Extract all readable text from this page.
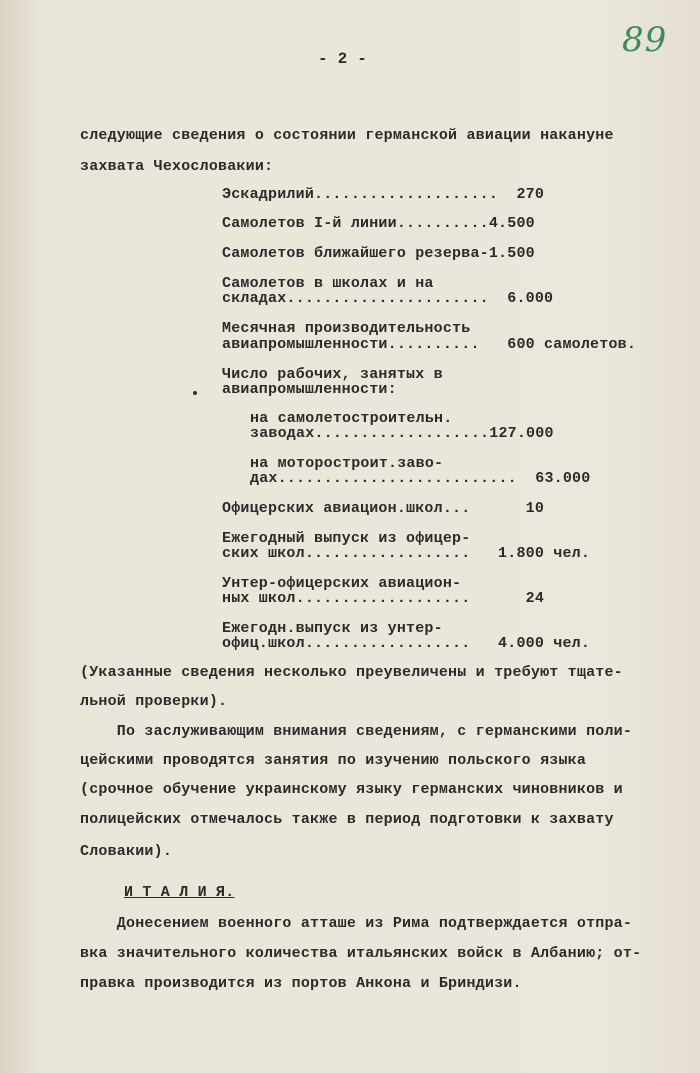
- 2 -	89
следующие сведения о состоянии германской авиации накануне
захвата Чехословакии:
Эскадрилий....................  270
Самолетов I-й линии..........4.500
Самолетов ближайшего резерва-1.500
Самолетов в школах и на
складах......................  6.000
Месячная производительность
авиапромышленности..........   600 самолетов.
Число рабочих, занятых в
авиапромышленности:
на самолетостроительн.
заводах...................127.000
на моторостроит.заво-
дах..........................  63.000
Офицерских авиацион.школ...      10
Ежегодный выпуск из офицер-
ских школ..................   1.800 чел.
Унтер-офицерских авиацион-
ных школ...................      24
Ежегодн.выпуск из унтер-
офиц.школ..................   4.000 чел.
(Указанные сведения несколько преувеличены и требуют тщате-
льной проверки).
По заслуживающим внимания сведениям, с германскими поли-
цейскими проводятся занятия по изучению польского языка
(срочное обучение украинскому языку германских чиновников и
полицейских отмечалось также в период подготовки к захвату
Словакии).
И Т А Л И Я.
Донесением военного атташе из Рима подтверждается отпра-
вка значительного количества итальянских войск в Албанию; от-
правка производится из портов Анкона и Бриндизи.
